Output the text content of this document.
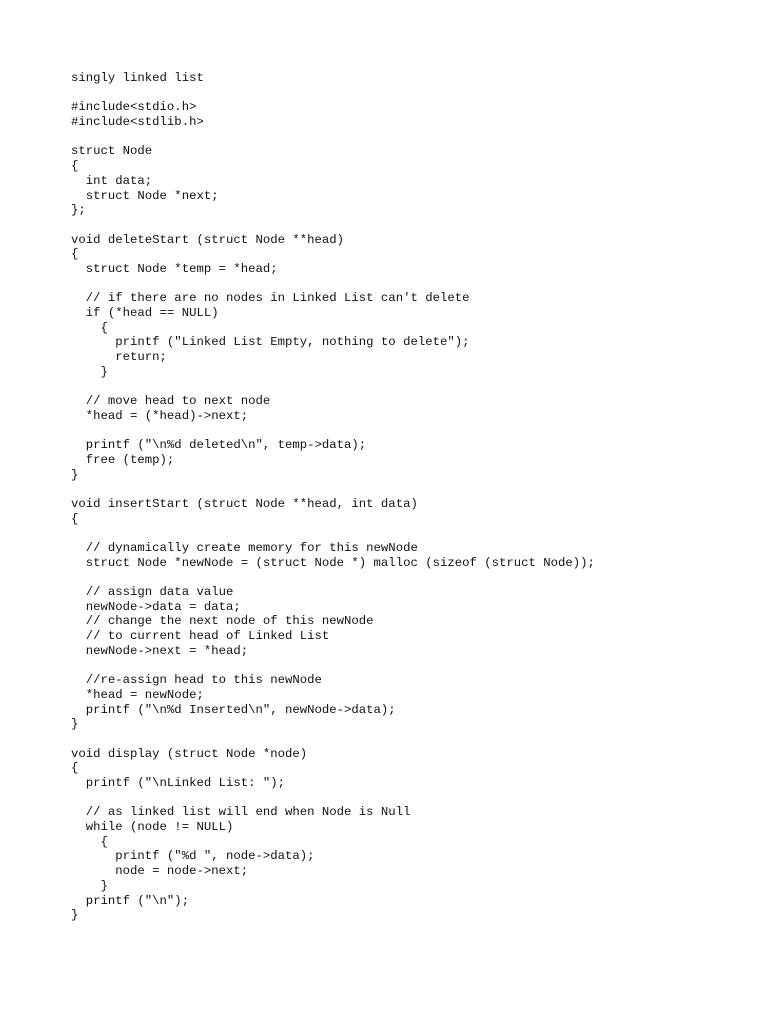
singly linked list
#include<stdio.h>
#include<stdlib.h>
struct Node
{
int data;
struct Node *next;
};
void deleteStart (struct Node **head)
{
struct Node *temp = *head;
// if there are no nodes in Linked List can't delete
if (*head == NULL)
{
printf ("Linked List Empty, nothing to delete");
return;
}
// move head to next node
*head = (*head)->next;
printf ("\n%d deleted\n", temp->data);
free (temp);
}
void insertStart (struct Node **head, int data)
{
// dynamically create memory for this newNode
struct Node *newNode = (struct Node *) malloc (sizeof (struct Node));
// assign data value
newNode->data = data;
// change the next node of this newNode
// to current head of Linked List
newNode->next = *head;
//re-assign head to this newNode
*head = newNode;
printf ("\n%d Inserted\n", newNode->data);
}
void display (struct Node *node)
{
printf ("\nLinked List: ");
// as linked list will end when Node is Null
while (node != NULL)
{
printf ("%d ", node->data);
node = node->next;
}
printf ("\n");
}
